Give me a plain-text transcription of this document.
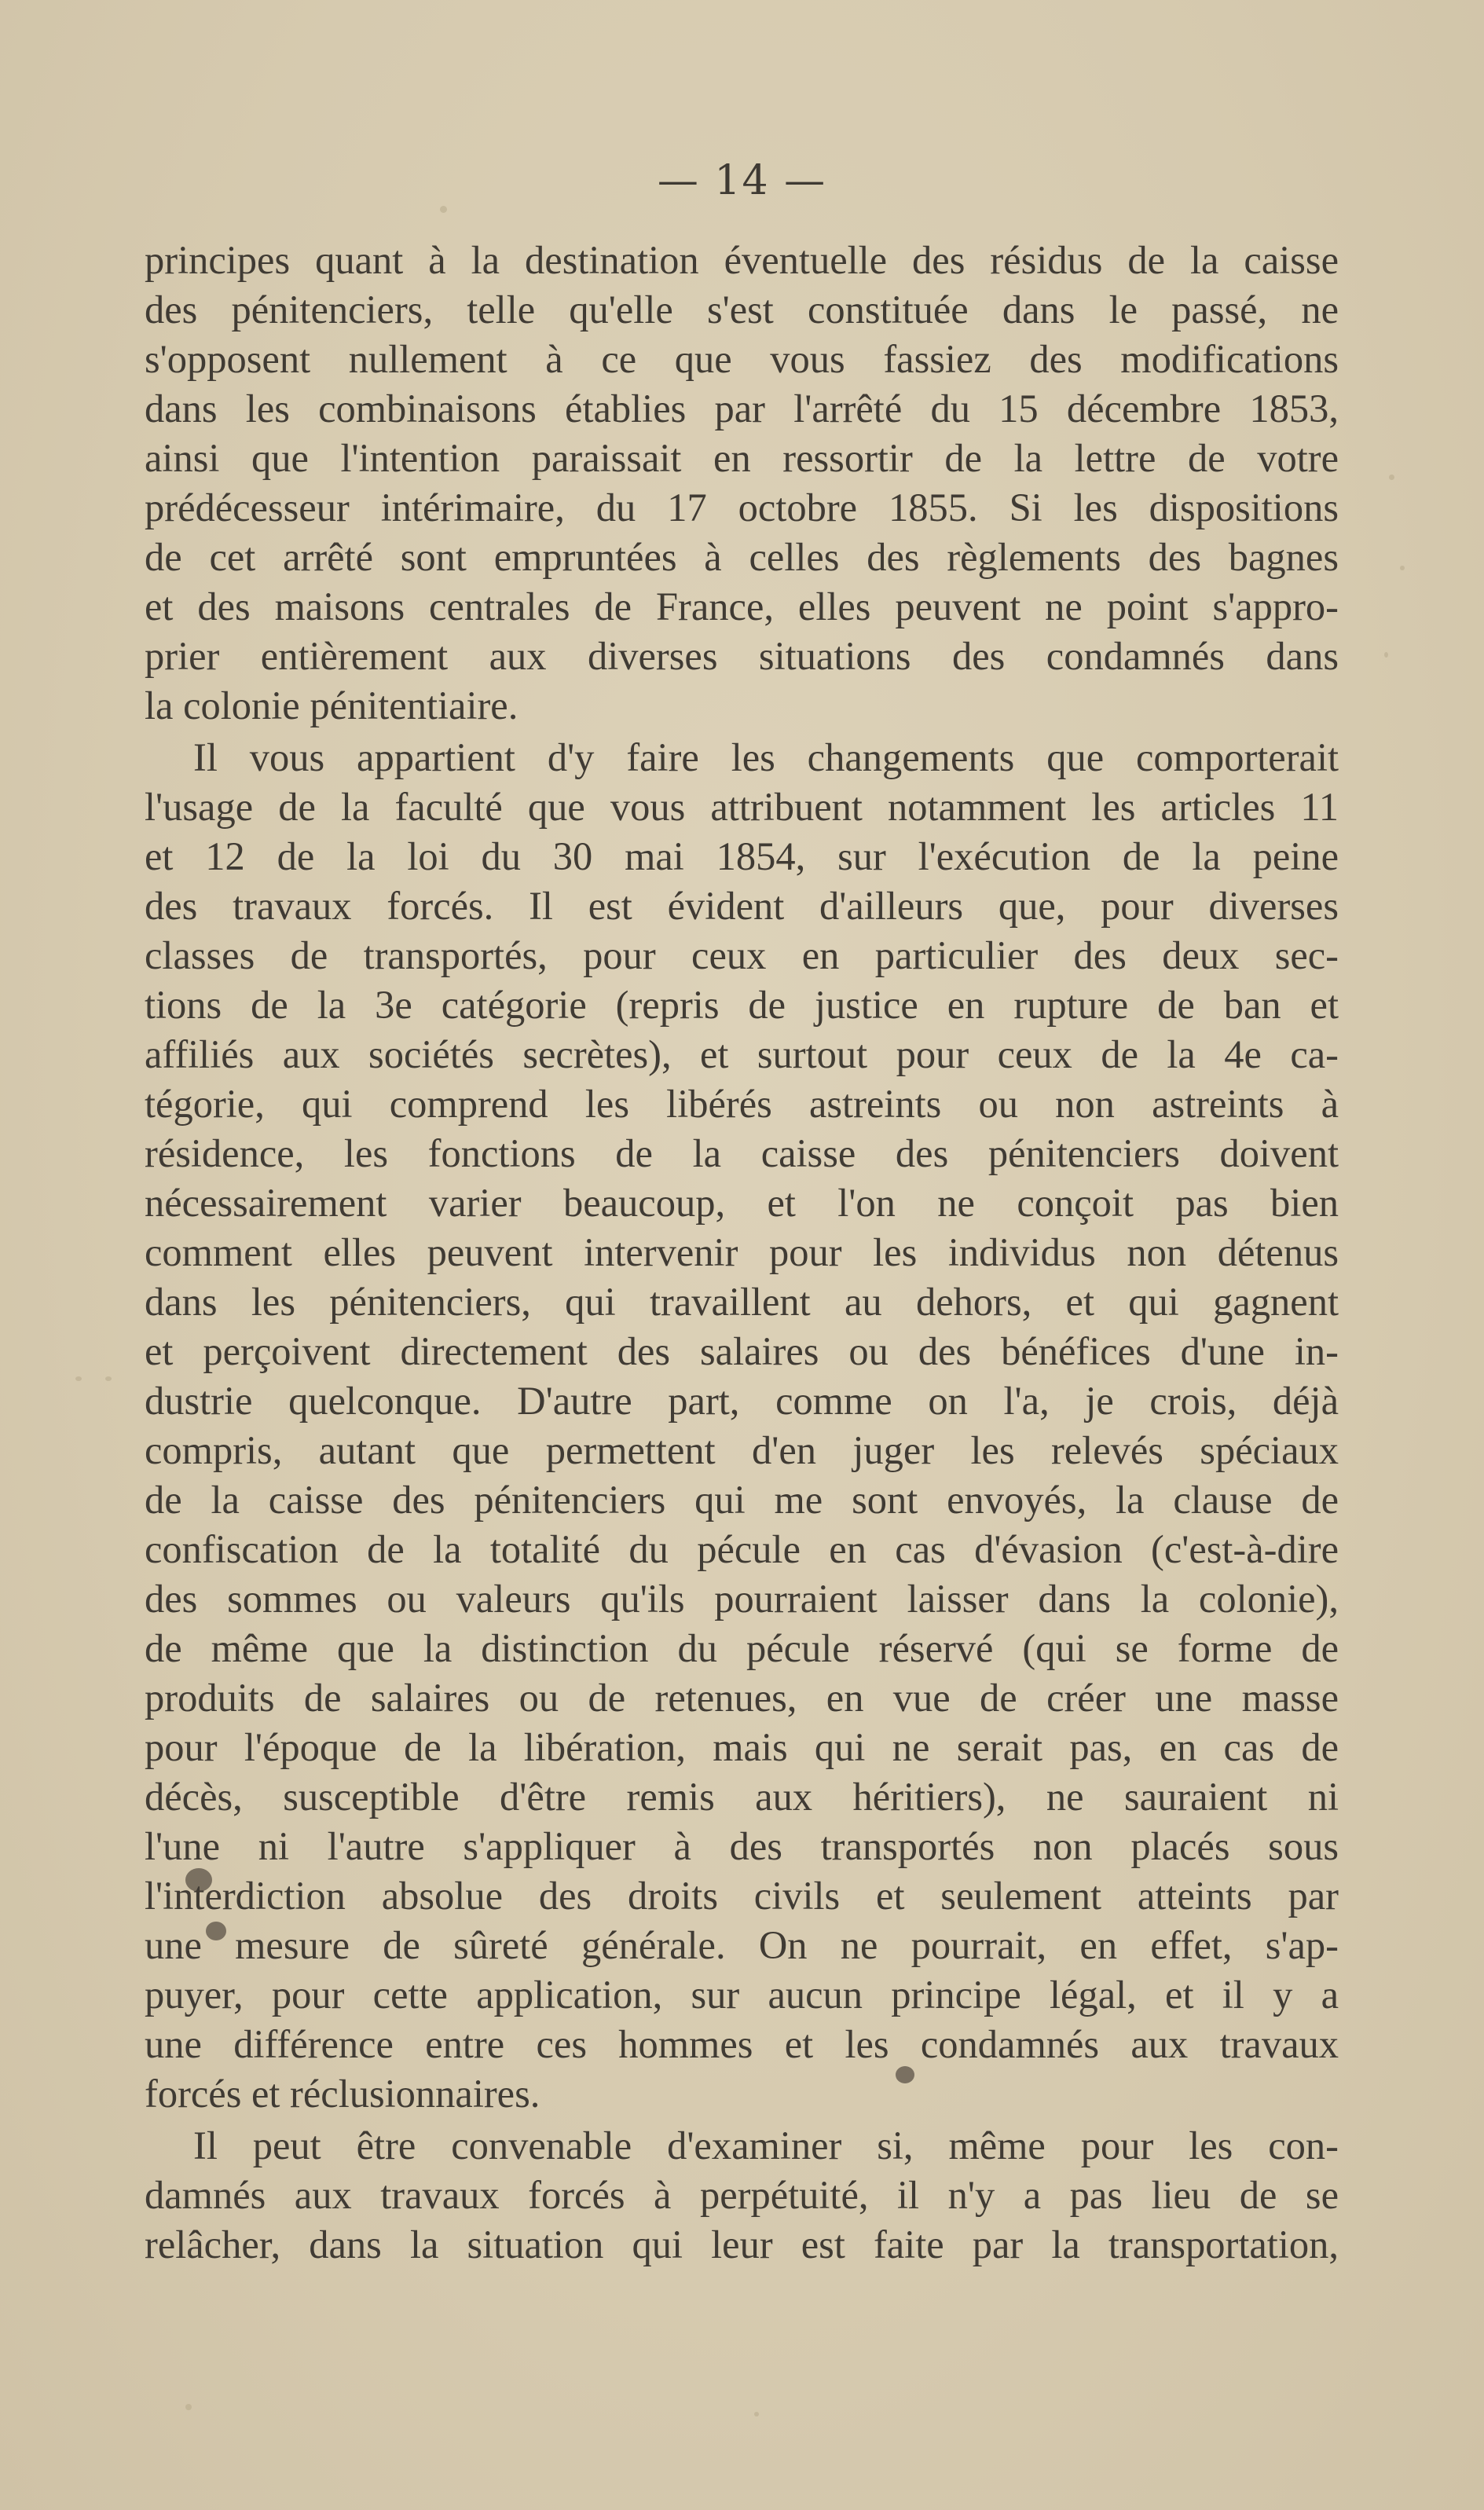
— 14 —
principes quant à la destination éventuelle des résidus de la caisse
des pénitenciers, telle qu'elle s'est constituée dans le passé, ne
s'opposent nullement à ce que vous fassiez des modifications
dans les combinaisons établies par l'arrêté du 15 décembre 1853,
ainsi que l'intention paraissait en ressortir de la lettre de votre
prédécesseur intérimaire, du 17 octobre 1855. Si les dispositions
de cet arrêté sont empruntées à celles des règlements des bagnes
et des maisons centrales de France, elles peuvent ne point s'appro-
prier entièrement aux diverses situations des condamnés dans
la colonie pénitentiaire.
Il vous appartient d'y faire les changements que comporterait
l'usage de la faculté que vous attribuent notamment les articles 11
et 12 de la loi du 30 mai 1854, sur l'exécution de la peine
des travaux forcés. Il est évident d'ailleurs que, pour diverses
classes de transportés, pour ceux en particulier des deux sec-
tions de la 3e catégorie (repris de justice en rupture de ban et
affiliés aux sociétés secrètes), et surtout pour ceux de la 4e ca-
tégorie, qui comprend les libérés astreints ou non astreints à
résidence, les fonctions de la caisse des pénitenciers doivent
nécessairement varier beaucoup, et l'on ne conçoit pas bien
comment elles peuvent intervenir pour les individus non détenus
dans les pénitenciers, qui travaillent au dehors, et qui gagnent
et perçoivent directement des salaires ou des bénéfices d'une in-
dustrie quelconque. D'autre part, comme on l'a, je crois, déjà
compris, autant que permettent d'en juger les relevés spéciaux
de la caisse des pénitenciers qui me sont envoyés, la clause de
confiscation de la totalité du pécule en cas d'évasion (c'est-à-dire
des sommes ou valeurs qu'ils pourraient laisser dans la colonie),
de même que la distinction du pécule réservé (qui se forme de
produits de salaires ou de retenues, en vue de créer une masse
pour l'époque de la libération, mais qui ne serait pas, en cas de
décès, susceptible d'être remis aux héritiers), ne sauraient ni
l'une ni l'autre s'appliquer à des transportés non placés sous
l'interdiction absolue des droits civils et seulement atteints par
une mesure de sûreté générale. On ne pourrait, en effet, s'ap-
puyer, pour cette application, sur aucun principe légal, et il y a
une différence entre ces hommes et les condamnés aux travaux
forcés et réclusionnaires.
Il peut être convenable d'examiner si, même pour les con-
damnés aux travaux forcés à perpétuité, il n'y a pas lieu de se
relâcher, dans la situation qui leur est faite par la transportation,
